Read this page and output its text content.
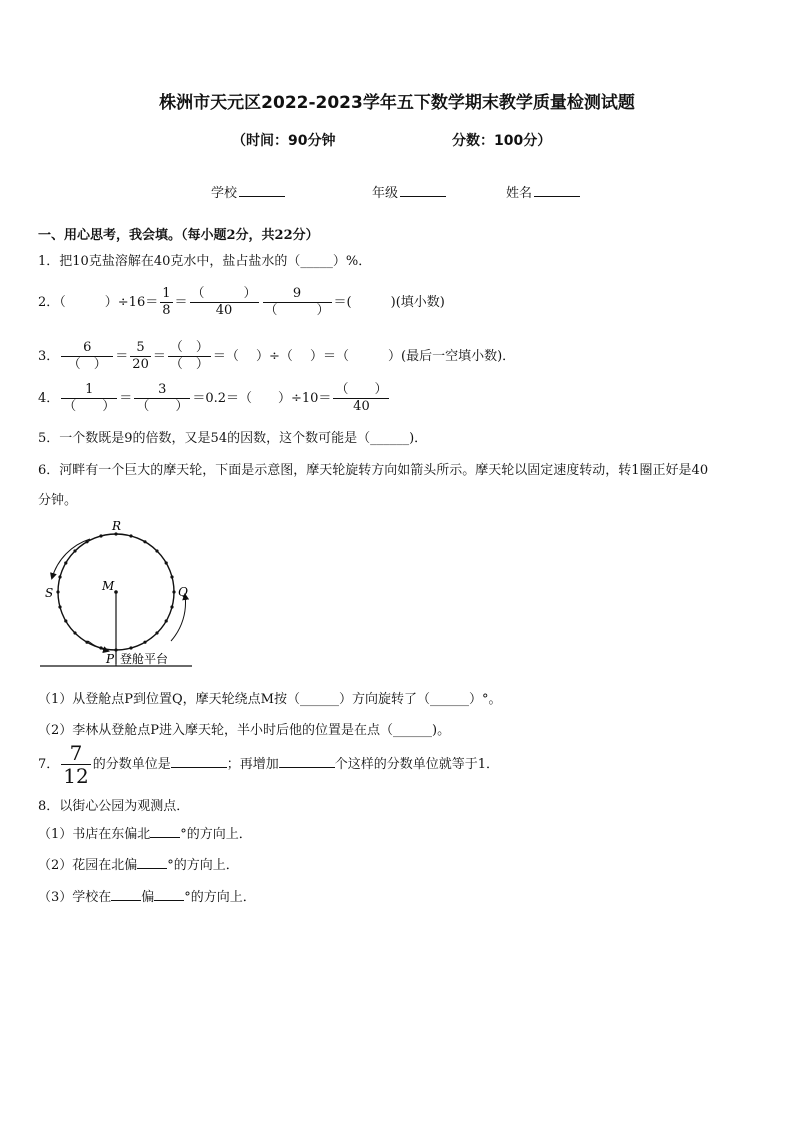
株洲市天元区2022-2023学年五下数学期末教学质量检测试题
（时间：90分钟	分数：100分）
学校	年级	姓名
一、用心思考，我会填。（每小题2分，共22分）
1．把10克盐溶解在40克水中，盐占盐水的（_____）%．
2．（　　　）$\div 16= \frac{1}{8} = \frac{( )}{40} \frac{9}{( )}$ ＝(　　　)(填小数)
3． $\frac{6}{( )} = \frac{5}{20} = \frac{( )}{( )}$ ＝（　 ）÷（　 ）＝（　　　）(最后一空填小数)．
4． $\frac{1}{( )} = \frac{3}{( )} =0.2=$（　　）$\div 10= \frac{( )}{40}$
5．一个数既是9的倍数，又是54的因数，这个数可能是（______)．
6．河畔有一个巨大的摩天轮，下面是示意图，摩天轮旋转方向如箭头所示。摩天轮以固定速度转动，转1圈正好是40
分钟。
R
S	Q
M
P 登舱平台
（1）从登舱点P到位置Q，摩天轮绕点M按（______）方向旋转了（______）°。
（2）李林从登舱点P进入摩天轮，半小时后他的位置是在点（______)。
7． $\frac{7}{12}$ 的分数单位是	；再增加	个这样的分数单位就等于1．
8．以街心公园为观测点．
（1）书店在东偏北 °的方向上．
（2）花园在北偏 °的方向上．
（3）学校在 偏 °的方向上．
